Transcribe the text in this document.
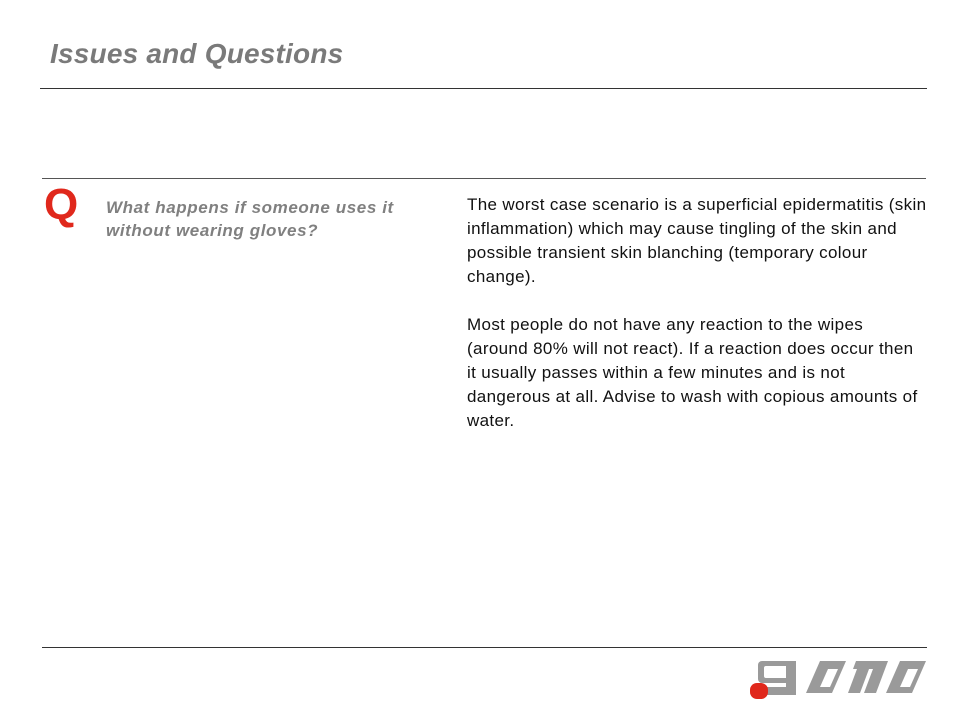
Issues and Questions
Q What happens if someone uses it without wearing gloves?

The worst case scenario is a superficial epidermatitis (skin inflammation) which may cause tingling of the skin and possible transient skin blanching (temporary colour change).

Most people do not have any reaction to the wipes (around 80% will not react). If a reaction does occur then it usually passes within a few minutes and is not dangerous at all. Advise to wash with copious amounts of water.

gama
